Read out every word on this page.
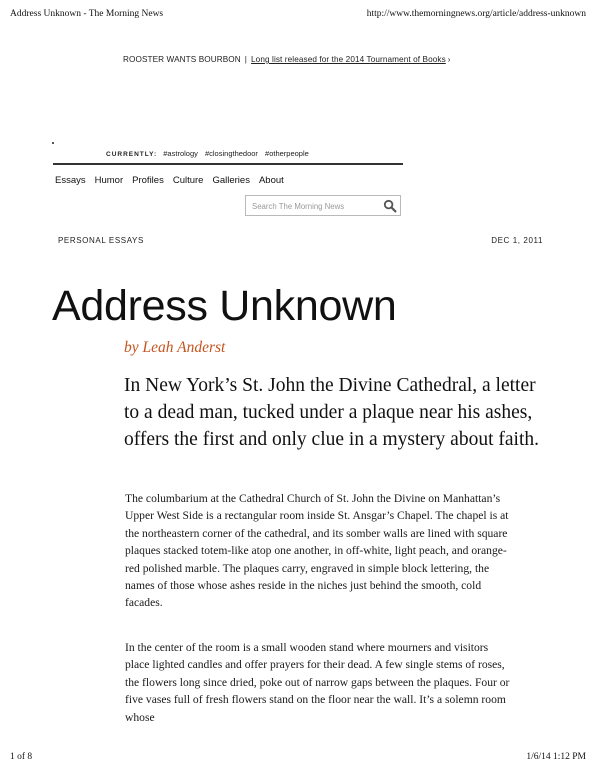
Address Unknown - The Morning News	http://www.themorningnews.org/article/address-unknown
ROOSTER WANTS BOURBON | Long list released for the 2014 Tournament of Books ›
CURRENTLY: #astrology #closingthedoor #otherpeople
Essays Humor Profiles Culture Galleries About
Search The Morning News
PERSONAL ESSAYS	DEC 1, 2011
Address Unknown
by Leah Anderst

In New York’s St. John the Divine Cathedral, a letter to a dead man, tucked under a plaque near his ashes, offers the first and only clue in a mystery about faith.

The columbarium at the Cathedral Church of St. John the Divine on Manhattan’s Upper West Side is a rectangular room inside St. Ansgar’s Chapel. The chapel is at the northeastern corner of the cathedral, and its somber walls are lined with square plaques stacked totem-like atop one another, in off-white, light peach, and orange-red polished marble. The plaques carry, engraved in simple block lettering, the names of those whose ashes reside in the niches just behind the smooth, cold facades.

In the center of the room is a small wooden stand where mourners and visitors place lighted candles and offer prayers for their dead. A few single stems of roses, the flowers long since dried, poke out of narrow gaps between the plaques. Four or five vases full of fresh flowers stand on the floor near the wall. It’s a solemn room whose

1 of 8	1/6/14 1:12 PM
